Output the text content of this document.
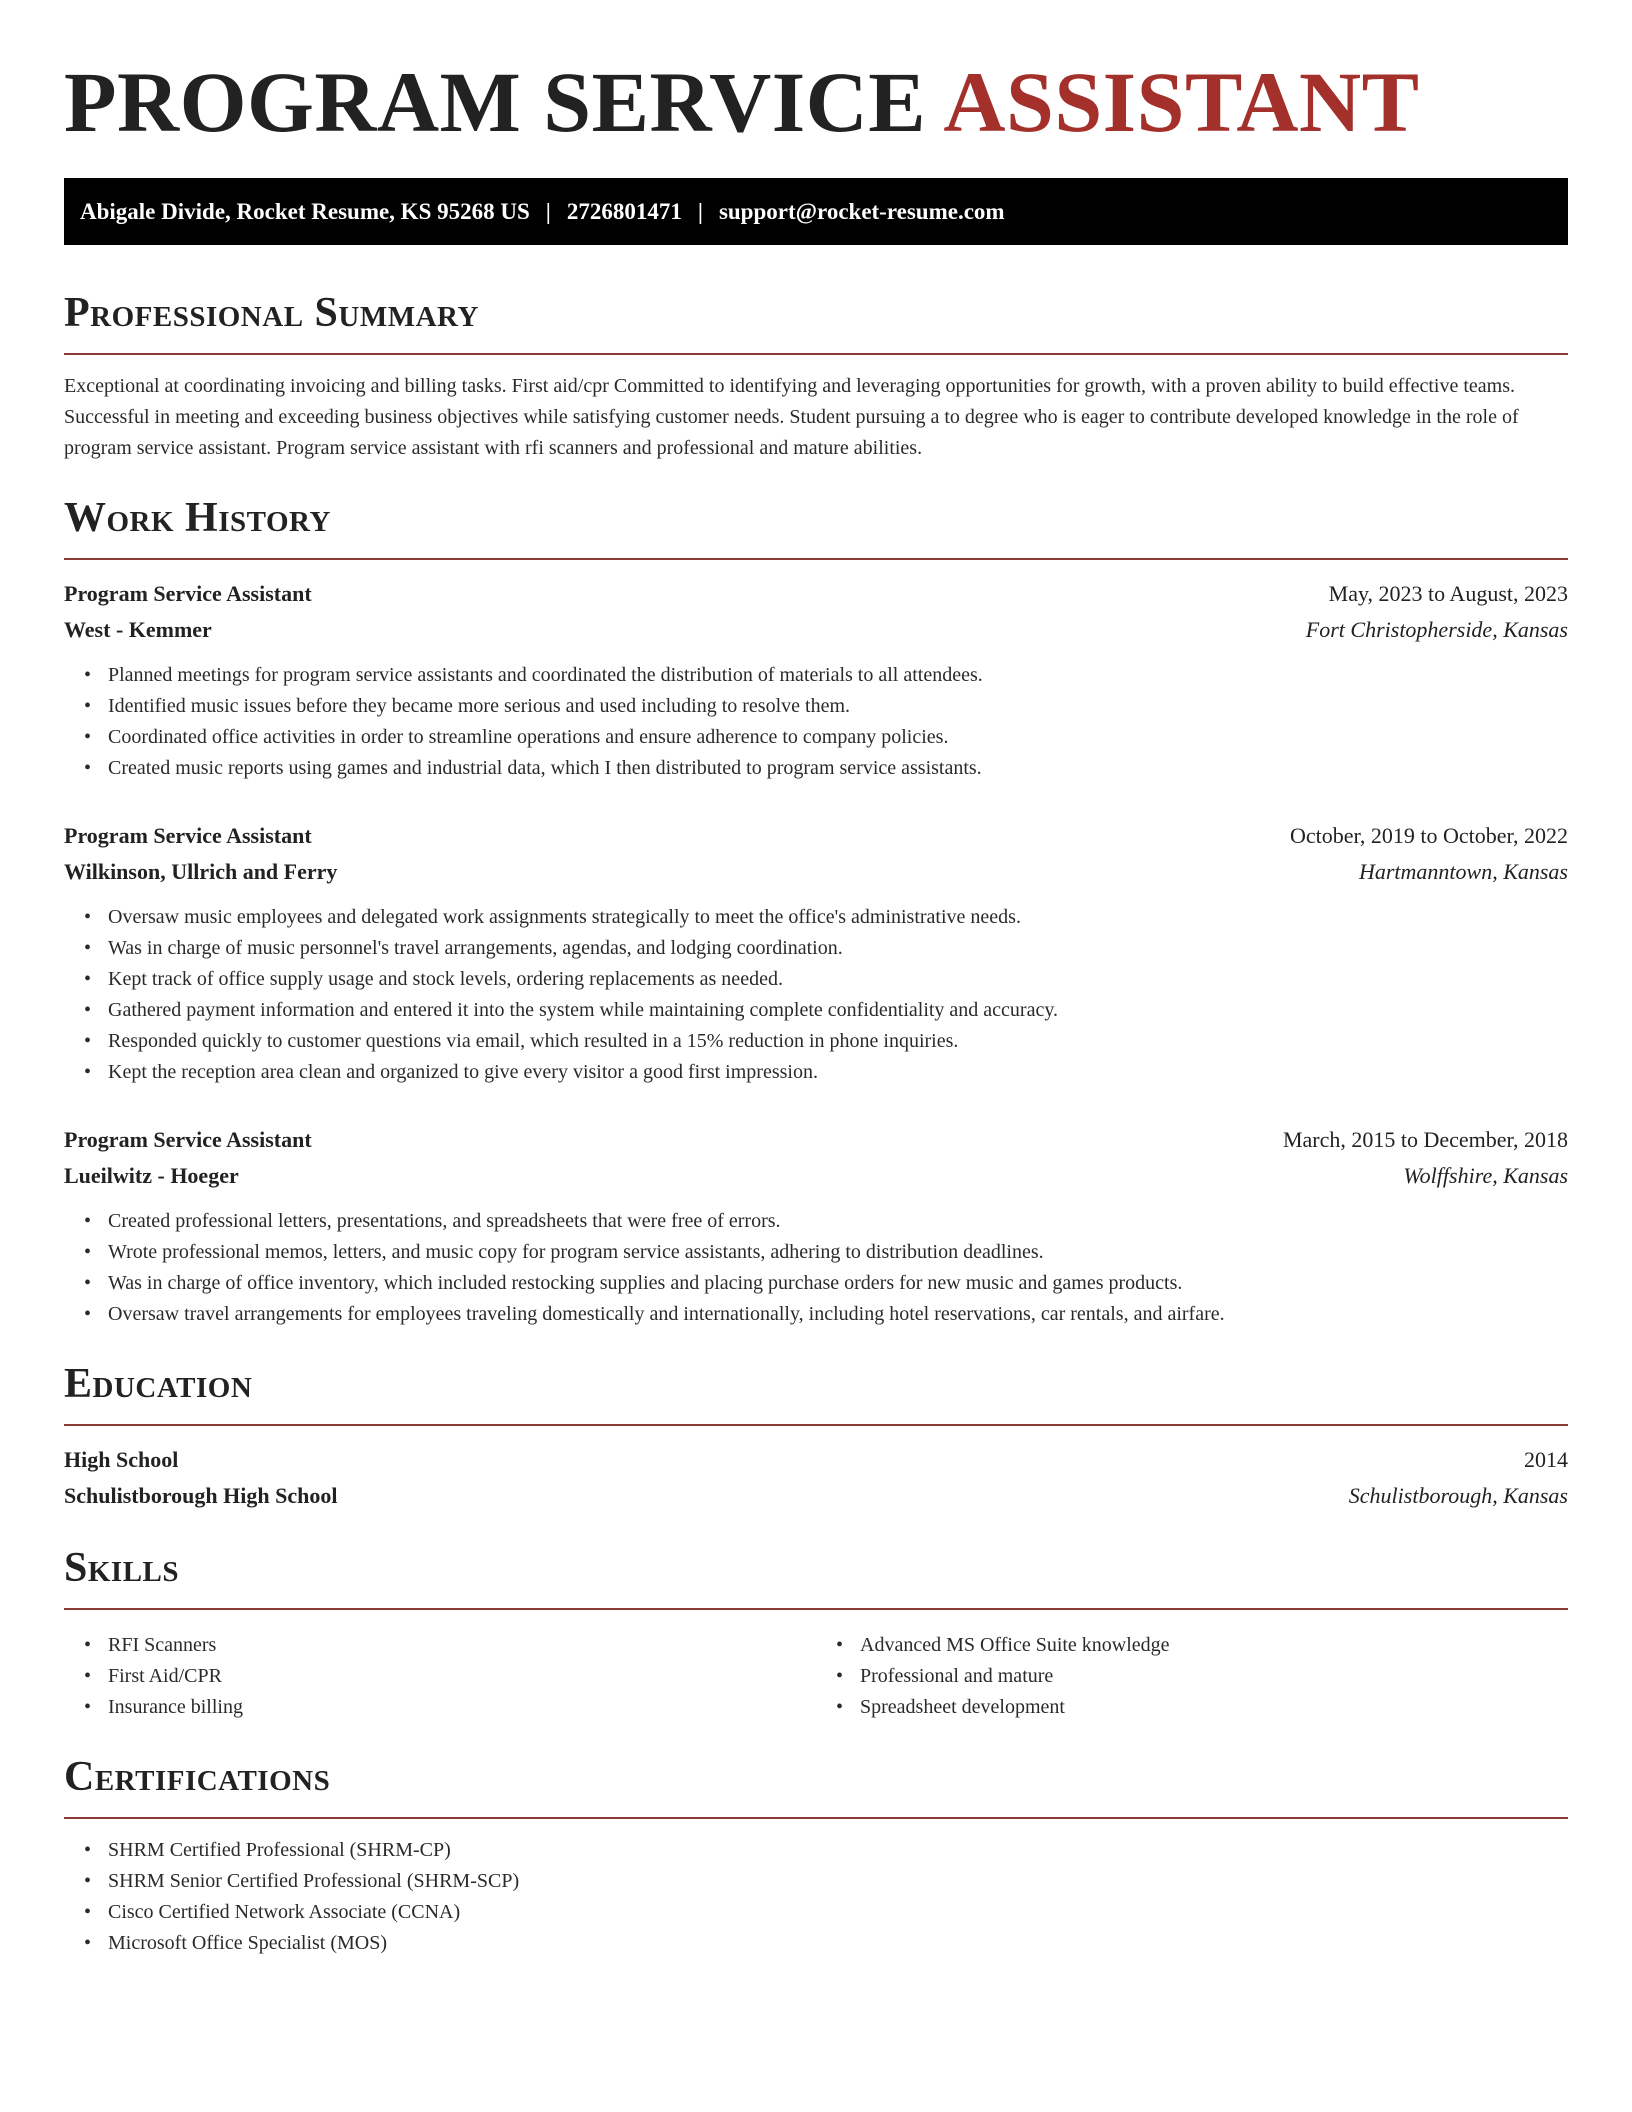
PROGRAM SERVICE ASSISTANT
Abigale Divide, Rocket Resume, KS 95268 US | 2726801471 | support@rocket-resume.com
Professional Summary

Exceptional at coordinating invoicing and billing tasks. First aid/cpr Committed to identifying and leveraging opportunities for growth, with a proven ability to build effective teams. Successful in meeting and exceeding business objectives while satisfying customer needs. Student pursuing a to degree who is eager to contribute developed knowledge in the role of program service assistant. Program service assistant with rfi scanners and professional and mature abilities.

Work History
Program Service Assistant	May, 2023 to August, 2023
West - Kemmer	Fort Christopherside, Kansas
• Planned meetings for program service assistants and coordinated the distribution of materials to all attendees.
• Identified music issues before they became more serious and used including to resolve them.
• Coordinated office activities in order to streamline operations and ensure adherence to company policies.
• Created music reports using games and industrial data, which I then distributed to program service assistants.
Program Service Assistant	October, 2019 to October, 2022
Wilkinson, Ullrich and Ferry	Hartmanntown, Kansas
• Oversaw music employees and delegated work assignments strategically to meet the office's administrative needs.
• Was in charge of music personnel's travel arrangements, agendas, and lodging coordination.
• Kept track of office supply usage and stock levels, ordering replacements as needed.
• Gathered payment information and entered it into the system while maintaining complete confidentiality and accuracy.
• Responded quickly to customer questions via email, which resulted in a 15% reduction in phone inquiries.
• Kept the reception area clean and organized to give every visitor a good first impression.
Program Service Assistant	March, 2015 to December, 2018
Lueilwitz - Hoeger	Wolffshire, Kansas
• Created professional letters, presentations, and spreadsheets that were free of errors.
• Wrote professional memos, letters, and music copy for program service assistants, adhering to distribution deadlines.
• Was in charge of office inventory, which included restocking supplies and placing purchase orders for new music and games products.
• Oversaw travel arrangements for employees traveling domestically and internationally, including hotel reservations, car rentals, and airfare.
Education
High School	2014
Schulistborough High School	Schulistborough, Kansas
Skills
• RFI Scanners
• First Aid/CPR
• Insurance billing
• Advanced MS Office Suite knowledge
• Professional and mature
• Spreadsheet development
Certifications
• SHRM Certified Professional (SHRM-CP)
• SHRM Senior Certified Professional (SHRM-SCP)
• Cisco Certified Network Associate (CCNA)
• Microsoft Office Specialist (MOS)
